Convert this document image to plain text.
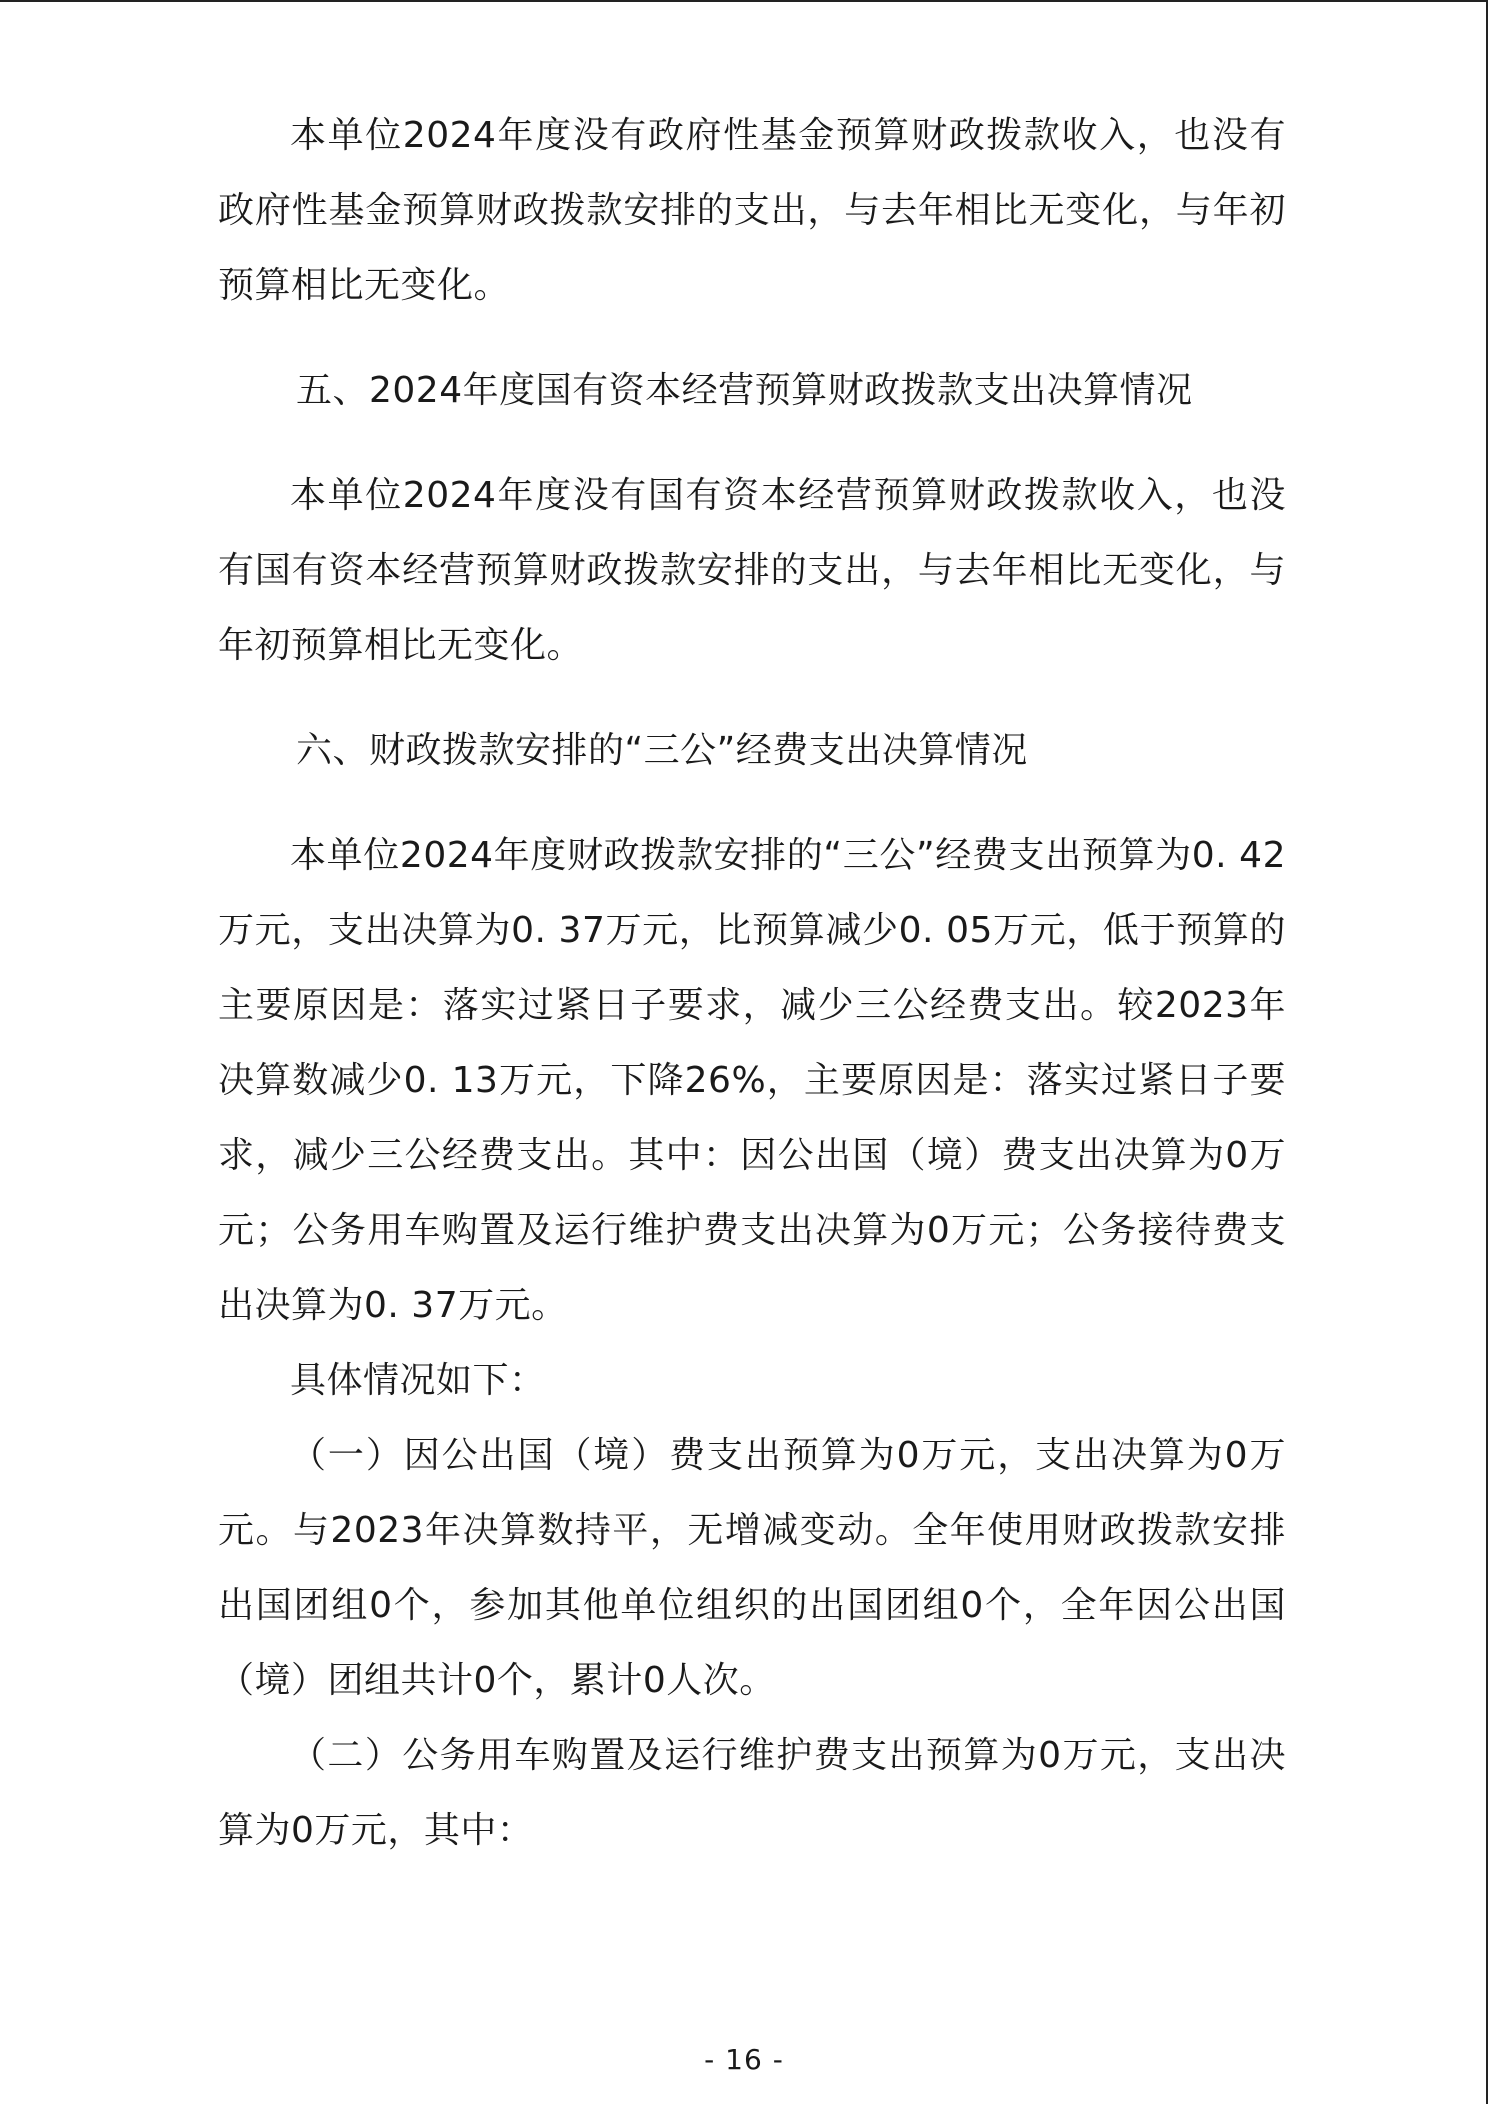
本单位2024年度没有政府性基金预算财政拨款收入，也没有政府性基金预算财政拨款安排的支出，与去年相比无变化，与年初预算相比无变化。

五、2024年度国有资本经营预算财政拨款支出决算情况

本单位2024年度没有国有资本经营预算财政拨款收入，也没有国有资本经营预算财政拨款安排的支出，与去年相比无变化，与年初预算相比无变化。

六、财政拨款安排的“三公”经费支出决算情况

本单位2024年度财政拨款安排的“三公”经费支出预算为0. 42万元，支出决算为0. 37万元，比预算减少0. 05万元，低于预算的主要原因是：落实过紧日子要求，减少三公经费支出。较2023年决算数减少0. 13万元，下降26%，主要原因是：落实过紧日子要求，减少三公经费支出。其中：因公出国（境）费支出决算为0万元；公务用车购置及运行维护费支出决算为0万元；公务接待费支出决算为0. 37万元。

具体情况如下：

（一）因公出国（境）费支出预算为0万元，支出决算为0万元。与2023年决算数持平，无增减变动。全年使用财政拨款安排出国团组0个，参加其他单位组织的出国团组0个，全年因公出国（境）团组共计0个，累计0人次。

（二）公务用车购置及运行维护费支出预算为0万元，支出决算为0万元，其中：

- 16 -
